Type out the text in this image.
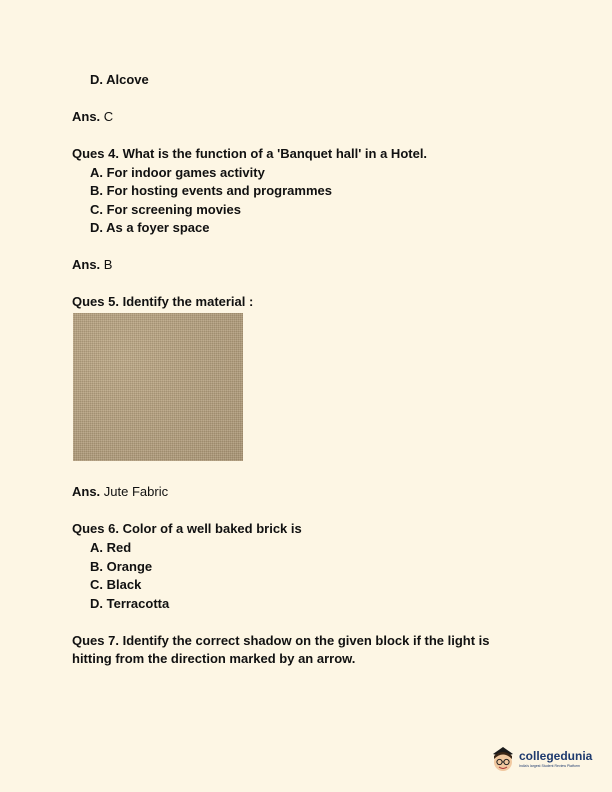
D. Alcove
Ans. C
Ques 4. What is the function of a 'Banquet hall' in a Hotel.
A. For indoor games activity
B. For hosting events and programmes
C. For screening movies
D. As a foyer space
Ans. B
Ques 5. Identify the material :
Ans. Jute Fabric
Ques 6. Color of a well baked brick is
A. Red
B. Orange
C. Black
D. Terracotta
Ques 7. Identify the correct shadow on the given block if the light is
hitting from the direction marked by an arrow.
collegedunia
India's largest Student Review Platform
